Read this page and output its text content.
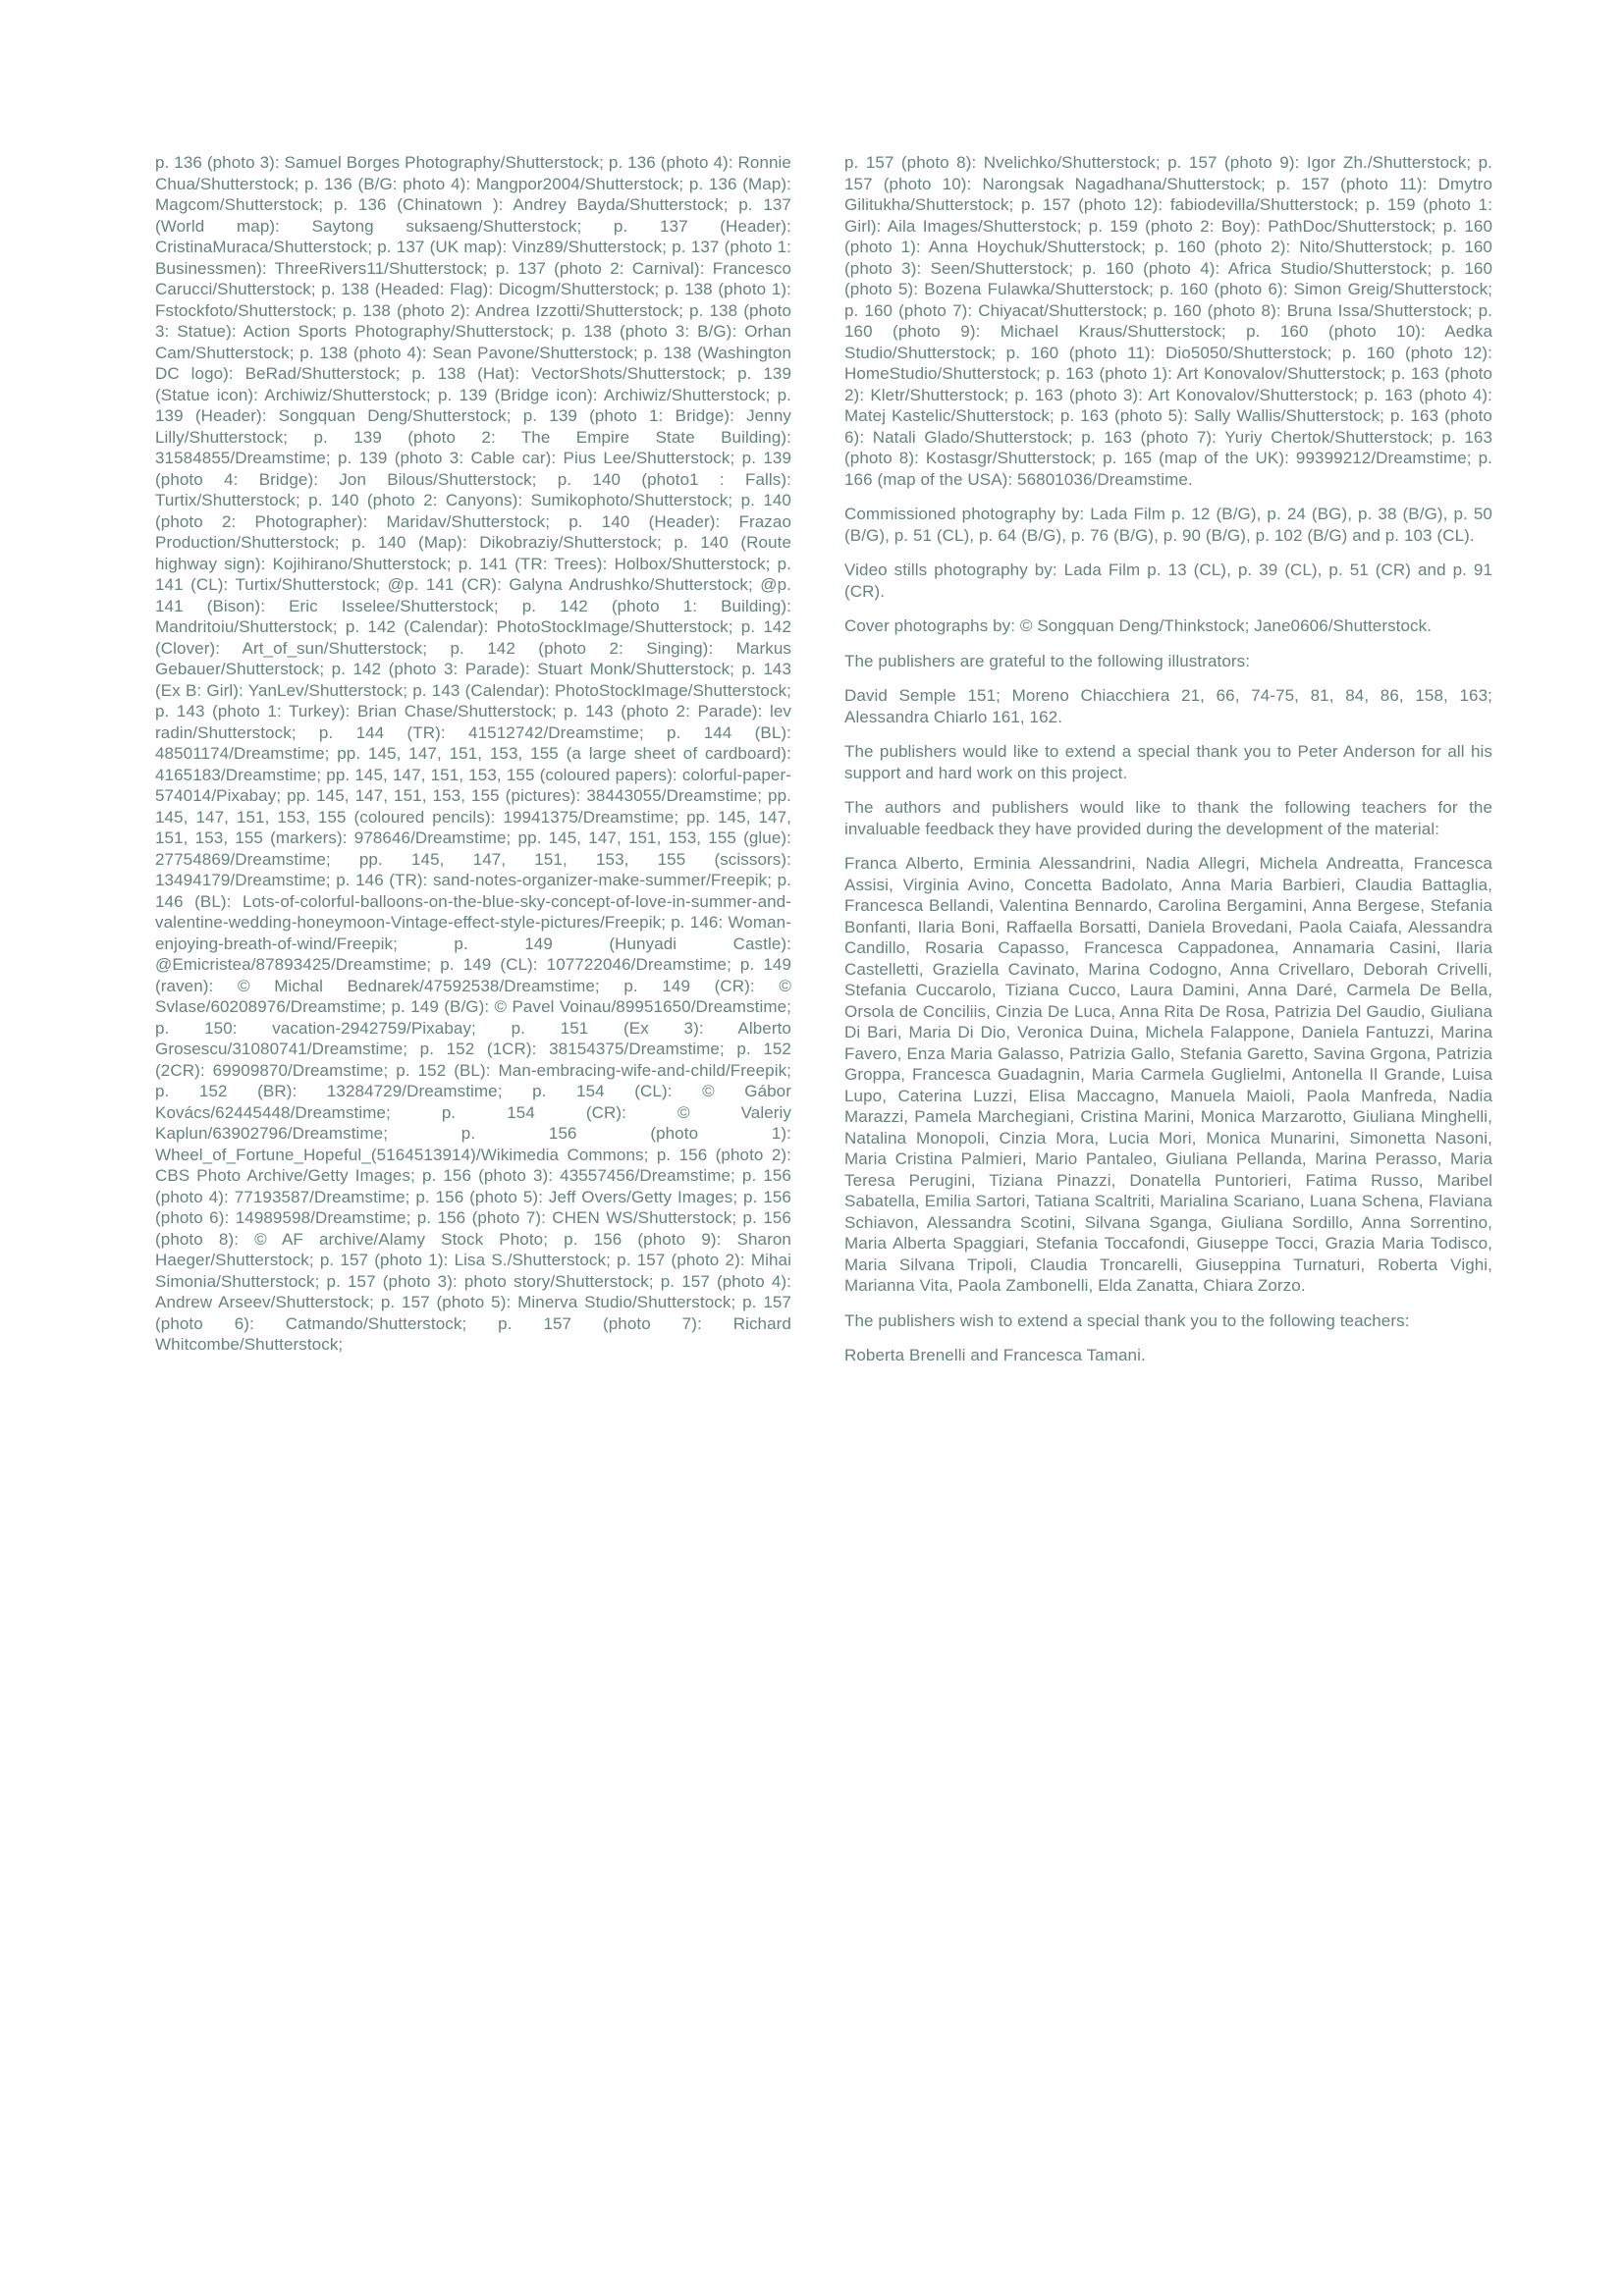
p. 136 (photo 3): Samuel Borges Photography/Shutterstock; p. 136 (photo 4): Ronnie Chua/Shutterstock; p. 136 (B/G: photo 4): Mangpor2004/Shutterstock; p. 136 (Map): Magcom/Shutterstock; p. 136 (Chinatown ): Andrey Bayda/Shutterstock; p. 137 (World map): Saytong suksaeng/Shutterstock; p. 137 (Header): CristinaMuraca/Shutterstock; p. 137 (UK map): Vinz89/Shutterstock; p. 137 (photo 1: Businessmen): ThreeRivers11/Shutterstock; p. 137 (photo 2: Carnival): Francesco Carucci/Shutterstock; p. 138 (Headed: Flag): Dicogm/Shutterstock; p. 138 (photo 1): Fstockfoto/Shutterstock; p. 138 (photo 2): Andrea Izzotti/Shutterstock; p. 138 (photo 3: Statue): Action Sports Photography/Shutterstock; p. 138 (photo 3: B/G): Orhan Cam/Shutterstock; p. 138 (photo 4): Sean Pavone/Shutterstock; p. 138 (Washington DC logo): BeRad/Shutterstock; p. 138 (Hat): VectorShots/Shutterstock; p. 139 (Statue icon): Archiwiz/Shutterstock; p. 139 (Bridge icon): Archiwiz/Shutterstock; p. 139 (Header): Songquan Deng/Shutterstock; p. 139 (photo 1: Bridge): Jenny Lilly/Shutterstock; p. 139 (photo 2: The Empire State Building): 31584855/Dreamstime; p. 139 (photo 3: Cable car): Pius Lee/Shutterstock; p. 139 (photo 4: Bridge): Jon Bilous/Shutterstock; p. 140 (photo1 : Falls): Turtix/Shutterstock; p. 140 (photo 2: Canyons): Sumikophoto/Shutterstock; p. 140 (photo 2: Photographer): Maridav/Shutterstock; p. 140 (Header): Frazao Production/Shutterstock; p. 140 (Map): Dikobraziy/Shutterstock; p. 140 (Route highway sign): Kojihirano/Shutterstock; p. 141 (TR: Trees): Holbox/Shutterstock; p. 141 (CL): Turtix/Shutterstock; @p. 141 (CR): Galyna Andrushko/Shutterstock; @p. 141 (Bison): Eric Isselee/Shutterstock; p. 142 (photo 1: Building): Mandritoiu/Shutterstock; p. 142 (Calendar): PhotoStockImage/Shutterstock; p. 142 (Clover): Art_of_sun/Shutterstock; p. 142 (photo 2: Singing): Markus Gebauer/Shutterstock; p. 142 (photo 3: Parade): Stuart Monk/Shutterstock; p. 143 (Ex B: Girl): YanLev/Shutterstock; p. 143 (Calendar): PhotoStockImage/Shutterstock; p. 143 (photo 1: Turkey): Brian Chase/Shutterstock; p. 143 (photo 2: Parade): lev radin/Shutterstock; p. 144 (TR): 41512742/Dreamstime; p. 144 (BL): 48501174/Dreamstime; pp. 145, 147, 151, 153, 155 (a large sheet of cardboard): 4165183/Dreamstime; pp. 145, 147, 151, 153, 155 (coloured papers): colorful-paper-574014/Pixabay; pp. 145, 147, 151, 153, 155 (pictures): 38443055/Dreamstime; pp. 145, 147, 151, 153, 155 (coloured pencils): 19941375/Dreamstime; pp. 145, 147, 151, 153, 155 (markers): 978646/Dreamstime; pp. 145, 147, 151, 153, 155 (glue): 27754869/Dreamstime; pp. 145, 147, 151, 153, 155 (scissors): 13494179/Dreamstime; p. 146 (TR): sand-notes-organizer-make-summer/Freepik; p. 146 (BL): Lots-of-colorful-balloons-on-the-blue-sky-concept-of-love-in-summer-and-valentine-wedding-honeymoon-Vintage-effect-style-pictures/Freepik; p. 146: Woman-enjoying-breath-of-wind/Freepik; p. 149 (Hunyadi Castle): @Emicristea/87893425/Dreamstime; p. 149 (CL): 107722046/Dreamstime; p. 149 (raven): © Michal Bednarek/47592538/Dreamstime; p. 149 (CR): © Svlase/60208976/Dreamstime; p. 149 (B/G): © Pavel Voinau/89951650/Dreamstime; p. 150: vacation-2942759/Pixabay; p. 151 (Ex 3): Alberto Grosescu/31080741/Dreamstime; p. 152 (1CR): 38154375/Dreamstime; p. 152 (2CR): 69909870/Dreamstime; p. 152 (BL): Man-embracing-wife-and-child/Freepik; p. 152 (BR): 13284729/Dreamstime; p. 154 (CL): © Gábor Kovács/62445448/Dreamstime; p. 154 (CR): © Valeriy Kaplun/63902796/Dreamstime; p. 156 (photo 1): Wheel_of_Fortune_Hopeful_(5164513914)/Wikimedia Commons; p. 156 (photo 2): CBS Photo Archive/Getty Images; p. 156 (photo 3): 43557456/Dreamstime; p. 156 (photo 4): 77193587/Dreamstime; p. 156 (photo 5): Jeff Overs/Getty Images; p. 156 (photo 6): 14989598/Dreamstime; p. 156 (photo 7): CHEN WS/Shutterstock; p. 156 (photo 8): © AF archive/Alamy Stock Photo; p. 156 (photo 9): Sharon Haeger/Shutterstock; p. 157 (photo 1): Lisa S./Shutterstock; p. 157 (photo 2): Mihai Simonia/Shutterstock; p. 157 (photo 3): photo story/Shutterstock; p. 157 (photo 4): Andrew Arseev/Shutterstock; p. 157 (photo 5): Minerva Studio/Shutterstock; p. 157 (photo 6): Catmando/Shutterstock; p. 157 (photo 7): Richard Whitcombe/Shutterstock;

p. 157 (photo 8): Nvelichko/Shutterstock; p. 157 (photo 9): Igor Zh./Shutterstock; p. 157 (photo 10): Narongsak Nagadhana/Shutterstock; p. 157 (photo 11): Dmytro Gilitukha/Shutterstock; p. 157 (photo 12): fabiodevilla/Shutterstock; p. 159 (photo 1: Girl): Aila Images/Shutterstock; p. 159 (photo 2: Boy): PathDoc/Shutterstock; p. 160 (photo 1): Anna Hoychuk/Shutterstock; p. 160 (photo 2): Nito/Shutterstock; p. 160 (photo 3): Seen/Shutterstock; p. 160 (photo 4): Africa Studio/Shutterstock; p. 160 (photo 5): Bozena Fulawka/Shutterstock; p. 160 (photo 6): Simon Greig/Shutterstock; p. 160 (photo 7): Chiyacat/Shutterstock; p. 160 (photo 8): Bruna Issa/Shutterstock; p. 160 (photo 9): Michael Kraus/Shutterstock; p. 160 (photo 10): Aedka Studio/Shutterstock; p. 160 (photo 11): Dio5050/Shutterstock; p. 160 (photo 12): HomeStudio/Shutterstock; p. 163 (photo 1): Art Konovalov/Shutterstock; p. 163 (photo 2): Kletr/Shutterstock; p. 163 (photo 3): Art Konovalov/Shutterstock; p. 163 (photo 4): Matej Kastelic/Shutterstock; p. 163 (photo 5): Sally Wallis/Shutterstock; p. 163 (photo 6): Natali Glado/Shutterstock; p. 163 (photo 7): Yuriy Chertok/Shutterstock; p. 163 (photo 8): Kostasgr/Shutterstock; p. 165 (map of the UK): 99399212/Dreamstime; p. 166 (map of the USA): 56801036/Dreamstime.

Commissioned photography by: Lada Film p. 12 (B/G), p. 24 (BG), p. 38 (B/G), p. 50 (B/G), p. 51 (CL), p. 64 (B/G), p. 76 (B/G), p. 90 (B/G), p. 102 (B/G) and p. 103 (CL).

Video stills photography by: Lada Film p. 13 (CL), p. 39 (CL), p. 51 (CR) and p. 91 (CR).

Cover photographs by: © Songquan Deng/Thinkstock; Jane0606/Shutterstock.

The publishers are grateful to the following illustrators:

David Semple 151; Moreno Chiacchiera 21, 66, 74-75, 81, 84, 86, 158, 163; Alessandra Chiarlo 161, 162.

The publishers would like to extend a special thank you to Peter Anderson for all his support and hard work on this project.

The authors and publishers would like to thank the following teachers for the invaluable feedback they have provided during the development of the material:

Franca Alberto, Erminia Alessandrini, Nadia Allegri, Michela Andreatta, Francesca Assisi, Virginia Avino, Concetta Badolato, Anna Maria Barbieri, Claudia Battaglia, Francesca Bellandi, Valentina Bennardo, Carolina Bergamini, Anna Bergese, Stefania Bonfanti, Ilaria Boni, Raffaella Borsatti, Daniela Brovedani, Paola Caiafa, Alessandra Candillo, Rosaria Capasso, Francesca Cappadonea, Annamaria Casini, Ilaria Castelletti, Graziella Cavinato, Marina Codogno, Anna Crivellaro, Deborah Crivelli, Stefania Cuccarolo, Tiziana Cucco, Laura Damini, Anna Daré, Carmela De Bella, Orsola de Conciliis, Cinzia De Luca, Anna Rita De Rosa, Patrizia Del Gaudio, Giuliana Di Bari, Maria Di Dio, Veronica Duina, Michela Falappone, Daniela Fantuzzi, Marina Favero, Enza Maria Galasso, Patrizia Gallo, Stefania Garetto, Savina Grgona, Patrizia Groppa, Francesca Guadagnin, Maria Carmela Guglielmi, Antonella Il Grande, Luisa Lupo, Caterina Luzzi, Elisa Maccagno, Manuela Maioli, Paola Manfreda, Nadia Marazzi, Pamela Marchegiani, Cristina Marini, Monica Marzarotto, Giuliana Minghelli, Natalina Monopoli, Cinzia Mora, Lucia Mori, Monica Munarini, Simonetta Nasoni, Maria Cristina Palmieri, Mario Pantaleo, Giuliana Pellanda, Marina Perasso, Maria Teresa Perugini, Tiziana Pinazzi, Donatella Puntorieri, Fatima Russo, Maribel Sabatella, Emilia Sartori, Tatiana Scaltriti, Marialina Scariano, Luana Schena, Flaviana Schiavon, Alessandra Scotini, Silvana Sganga, Giuliana Sordillo, Anna Sorrentino, Maria Alberta Spaggiari, Stefania Toccafondi, Giuseppe Tocci, Grazia Maria Todisco, Maria Silvana Tripoli, Claudia Troncarelli, Giuseppina Turnaturi, Roberta Vighi, Marianna Vita, Paola Zambonelli, Elda Zanatta, Chiara Zorzo.

The publishers wish to extend a special thank you to the following teachers:

Roberta Brenelli and Francesca Tamani.
